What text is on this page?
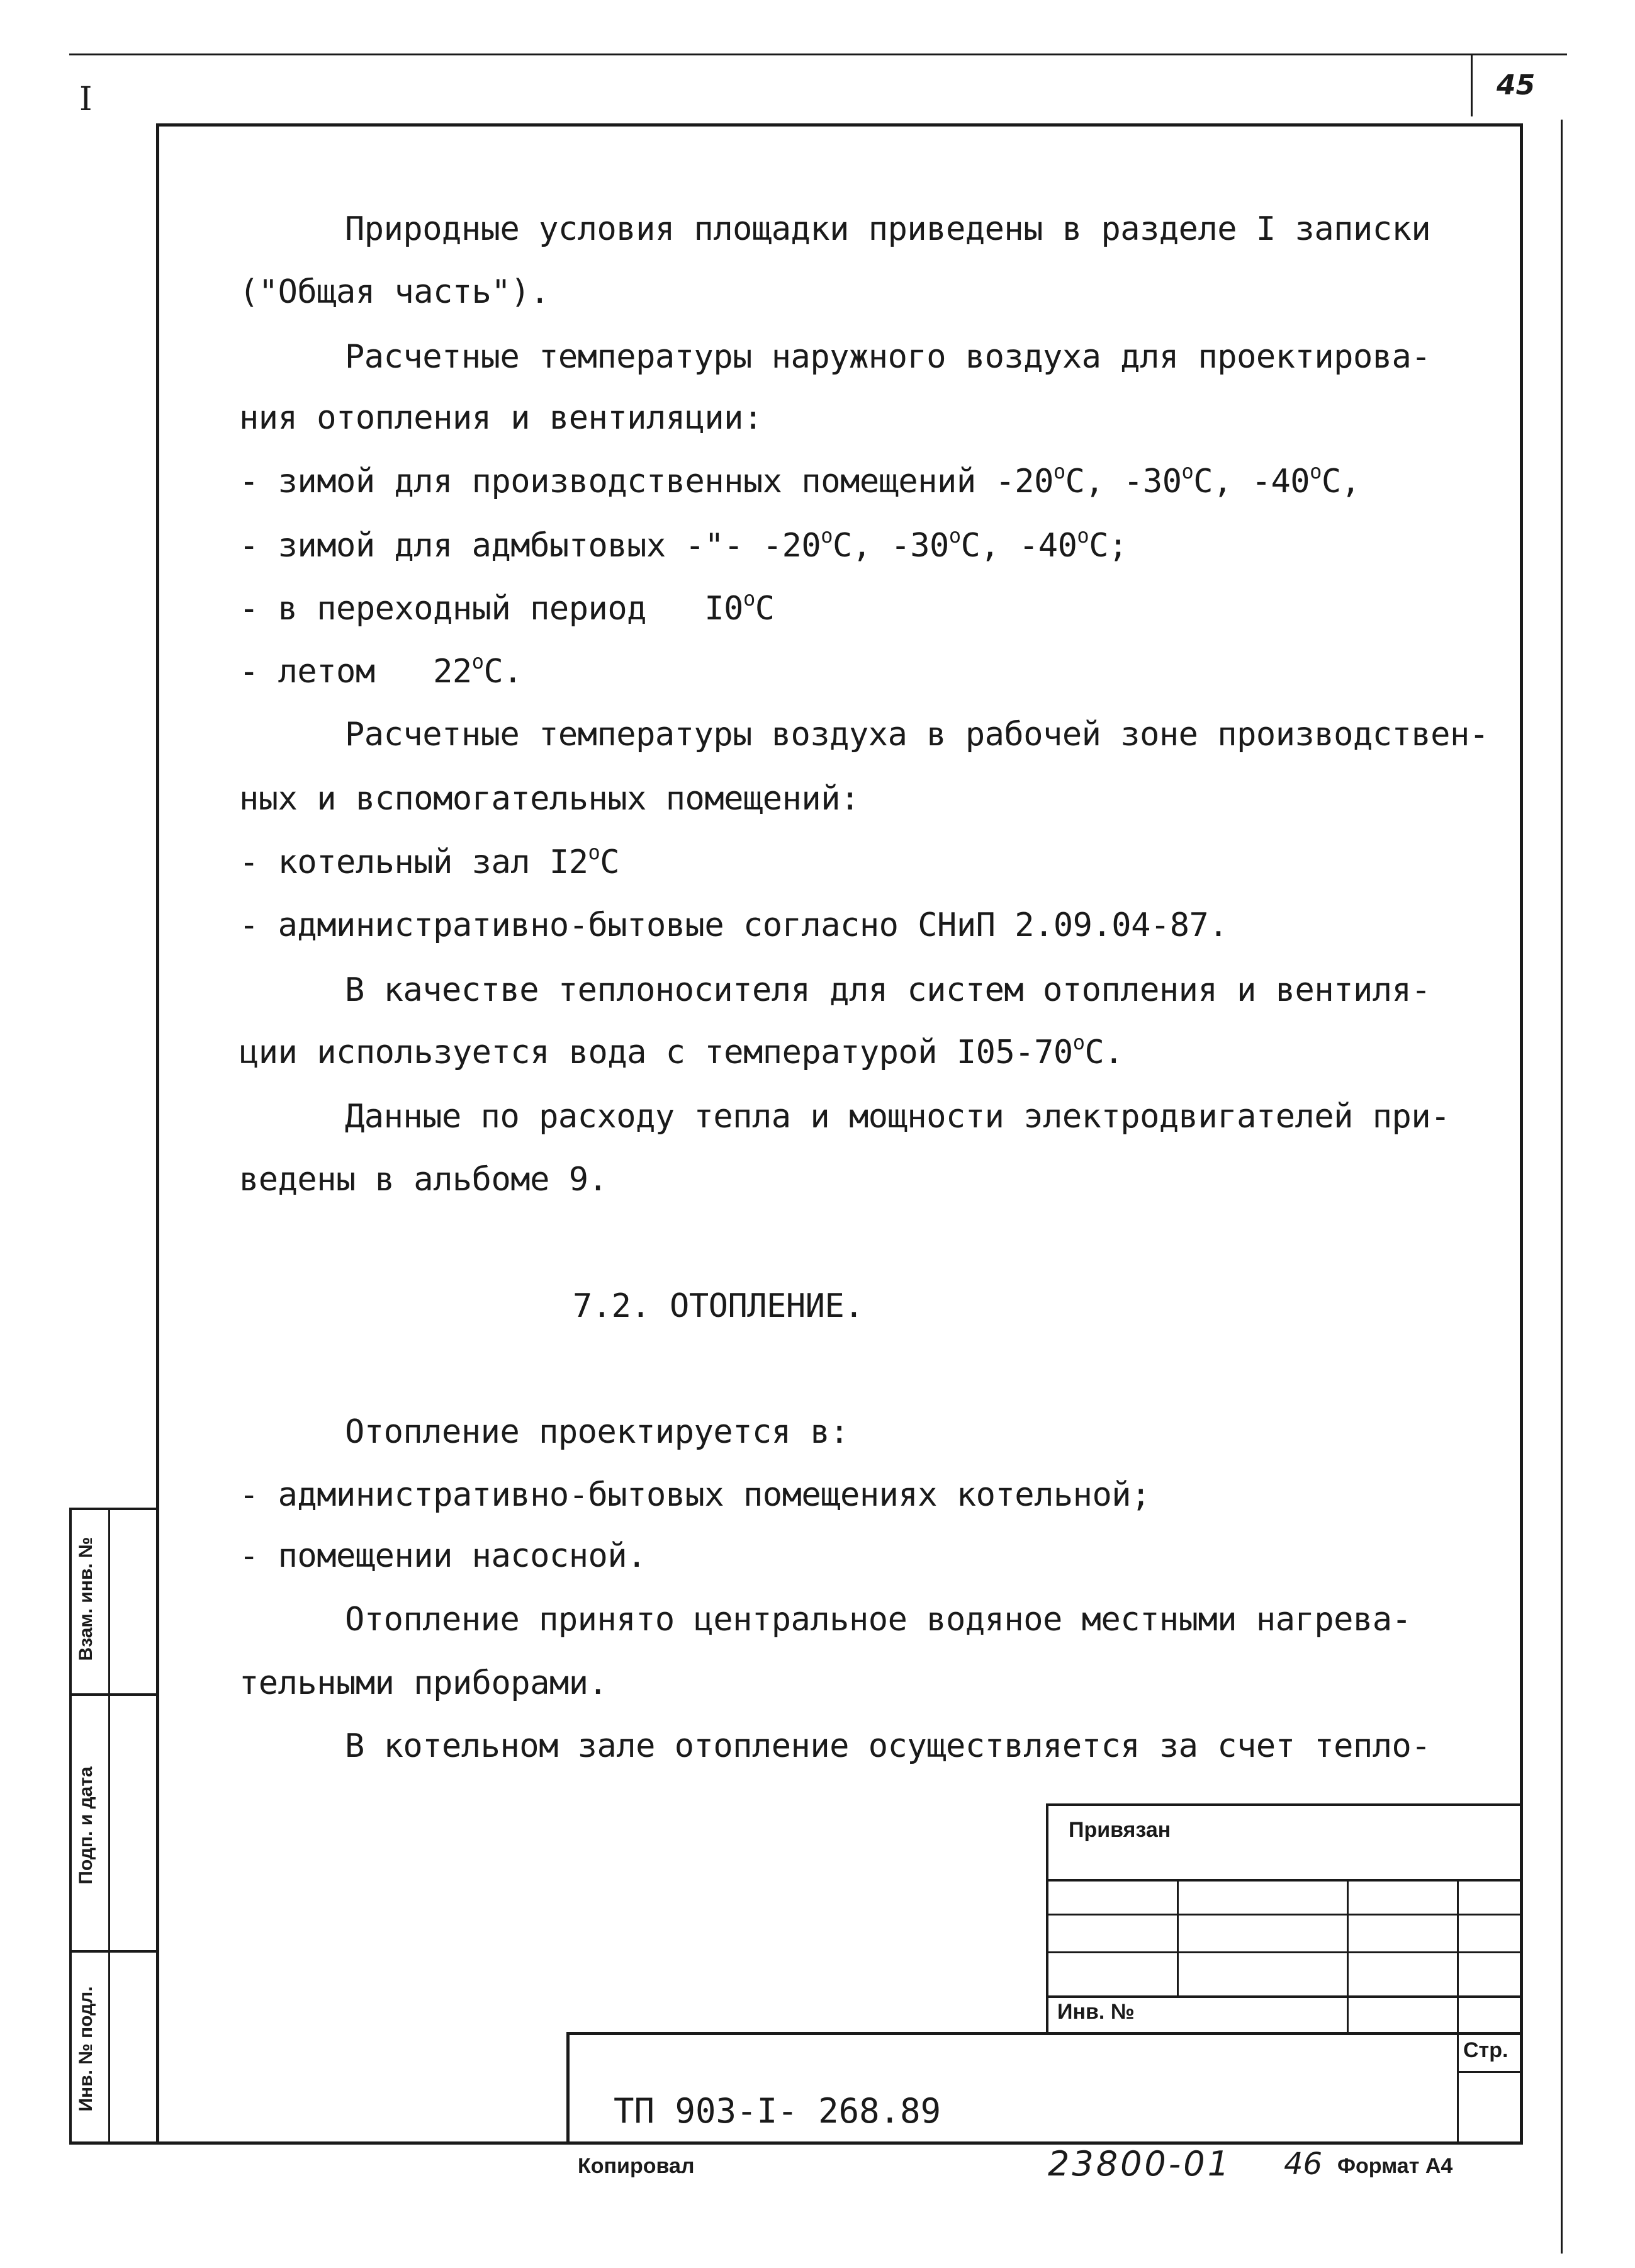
I	45
Природные условия площадки приведены в разделе I записки
("Общая часть").
Расчетные температуры наружного воздуха для проектирова-
ния отопления и вентиляции:
- зимой для производственных помещений -20$^o$С, -30$^o$С, -40$^o$С,
- зимой для адмбытовых -"- -20$^o$С, -30$^o$С, -40$^o$С;
- в переходный период   I0$^o$С
- летом   22$^o$С.
Расчетные температуры воздуха в рабочей зоне производствен-
ных и вспомогательных помещений:
- котельный зал I2$^o$С
- административно-бытовые согласно СНиП 2.09.04-87.
В качестве теплоносителя для систем отопления и вентиля-
ции используется вода с температурой I05-70$^o$С.
Данные по расходу тепла и мощности электродвигателей при-
ведены в альбоме 9.
7.2. ОТОПЛЕНИЕ.
Отопление проектируется в:
- административно-бытовых помещениях котельной;
- помещении насосной.
Отопление принято центральное водяное местными нагрева-
тельными приборами.
В котельном зале отопление осуществляется за счет тепло-
Взам. инв. №
Подп. и дата
Инв. № подл.
Привязан
Инв. №
Стр.
ТП 903-I- 268.89
Копировал	23800-01 46 Формат А4
